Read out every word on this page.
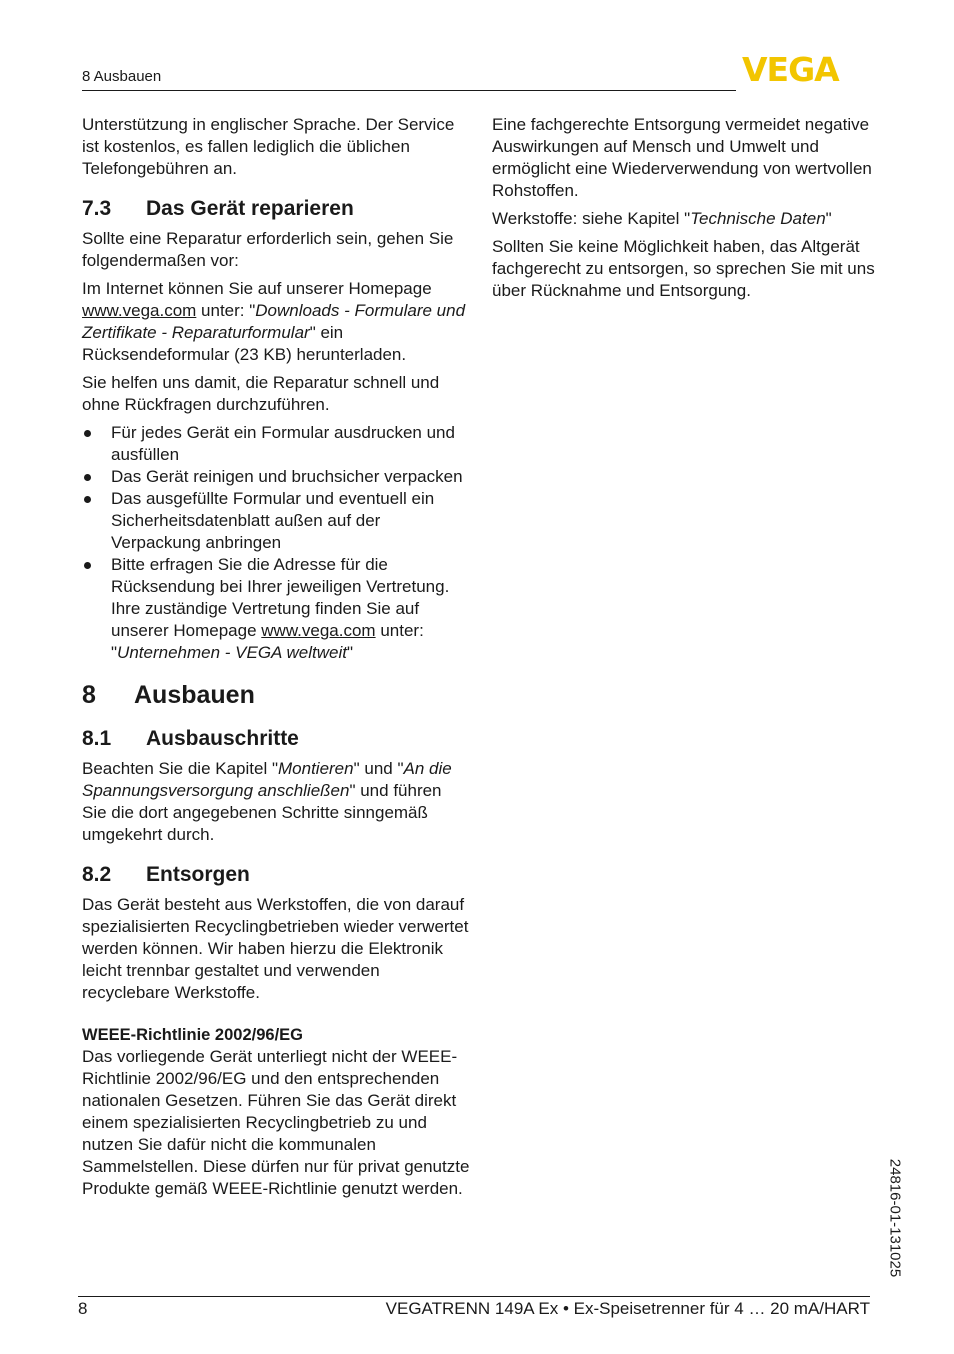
8 Ausbauen	VEGA

Unterstützung in englischer Sprache. Der Service ist kostenlos, es fallen lediglich die üblichen Telefongebühren an.

7.3 Das Gerät reparieren

Sollte eine Reparatur erforderlich sein, gehen Sie folgendermaßen vor:

Im Internet können Sie auf unserer Homepage www.vega.com unter: "Downloads - Formulare und Zertifikate - Reparaturformular" ein Rücksendeformular (23 KB) herunterladen.

Sie helfen uns damit, die Reparatur schnell und ohne Rückfragen durchzuführen.

Für jedes Gerät ein Formular ausdrucken und ausfüllen
Das Gerät reinigen und bruchsicher verpacken
Das ausgefüllte Formular und eventuell ein Sicherheitsdatenblatt außen auf der Verpackung anbringen
Bitte erfragen Sie die Adresse für die Rücksendung bei Ihrer jeweiligen Vertretung. Ihre zuständige Vertretung finden Sie auf unserer Homepage www.vega.com unter: "Unternehmen - VEGA weltweit"
8 Ausbauen
8.1 Ausbauschritte

Beachten Sie die Kapitel "Montieren" und "An die Spannungsversorgung anschließen" und führen Sie die dort angegebenen Schritte sinngemäß umgekehrt durch.

8.2 Entsorgen

Das Gerät besteht aus Werkstoffen, die von darauf spezialisierten Recyclingbetrieben wieder verwertet werden können. Wir haben hierzu die Elektronik leicht trennbar gestaltet und verwenden recyclebare Werkstoffe.

WEEE-Richtlinie 2002/96/EG

Das vorliegende Gerät unterliegt nicht der WEEE-Richtlinie 2002/96/EG und den entsprechenden nationalen Gesetzen. Führen Sie das Gerät direkt einem spezialisierten Recyclingbetrieb zu und nutzen Sie dafür nicht die kommunalen Sammelstellen. Diese dürfen nur für privat genutzte Produkte gemäß WEEE-Richtlinie genutzt werden.

Eine fachgerechte Entsorgung vermeidet negative Auswirkungen auf Mensch und Umwelt und ermöglicht eine Wiederverwendung von wertvollen Rohstoffen.

Werkstoffe: siehe Kapitel "Technische Daten"

Sollten Sie keine Möglichkeit haben, das Altgerät fachgerecht zu entsorgen, so sprechen Sie mit uns über Rücknahme und Entsorgung.

24816-01-131025
8	VEGATRENN 149A Ex • Ex-Speisetrenner für 4 … 20 mA/HART
